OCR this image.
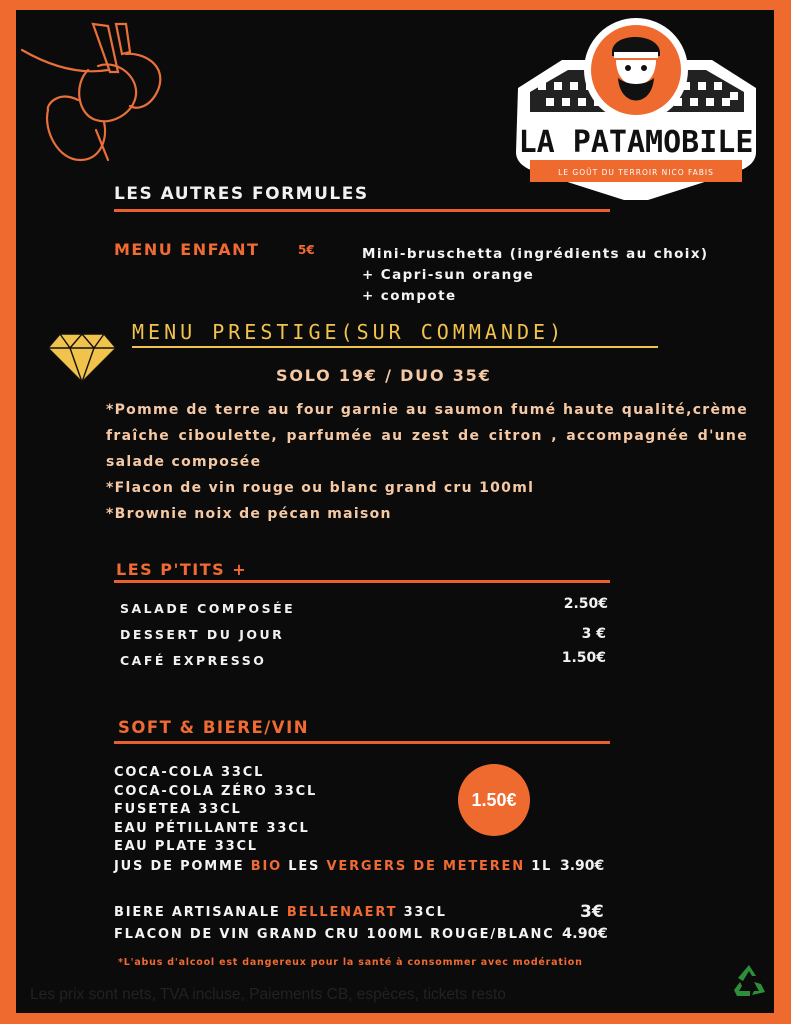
LA PATAMOBILE
LE GOÛT DU TERROIR NICO FABIS
LES AUTRES FORMULES
MENU ENFANT	5€	Mini-bruschetta (ingrédients au choix)
+ Capri-sun orange
+ compote
MENU PRESTIGE(SUR COMMANDE)
SOLO 19€ / DUO 35€
*Pomme de terre au four garnie au saumon fumé haute qualité,crème fraîche ciboulette, parfumée au zest de citron , accompagnée d'une salade composée
*Flacon de vin rouge ou blanc grand cru 100ml
*Brownie noix de pécan maison
LES P'TITS +
SALADE COMPOSÉE	2.50€
DESSERT DU JOUR	3 €
CAFÉ EXPRESSO	1.50€
SOFT & BIERE/VIN
COCA-COLA 33CL
COCA-COLA ZÉRO 33CL
FUSETEA 33CL
EAU PÉTILLANTE 33CL
EAU PLATE 33CL
1.50€
JUS DE POMME BIO LES VERGERS DE METEREN 1L 3.90€
BIERE ARTISANALE BELLENAERT 33CL	3€
FLACON DE VIN GRAND CRU 100ML ROUGE/BLANC 4.90€
*L'abus d'alcool est dangereux pour la santé à consommer avec modération
Les prix sont nets, TVA incluse, Paiements CB, espèces, tickets resto
